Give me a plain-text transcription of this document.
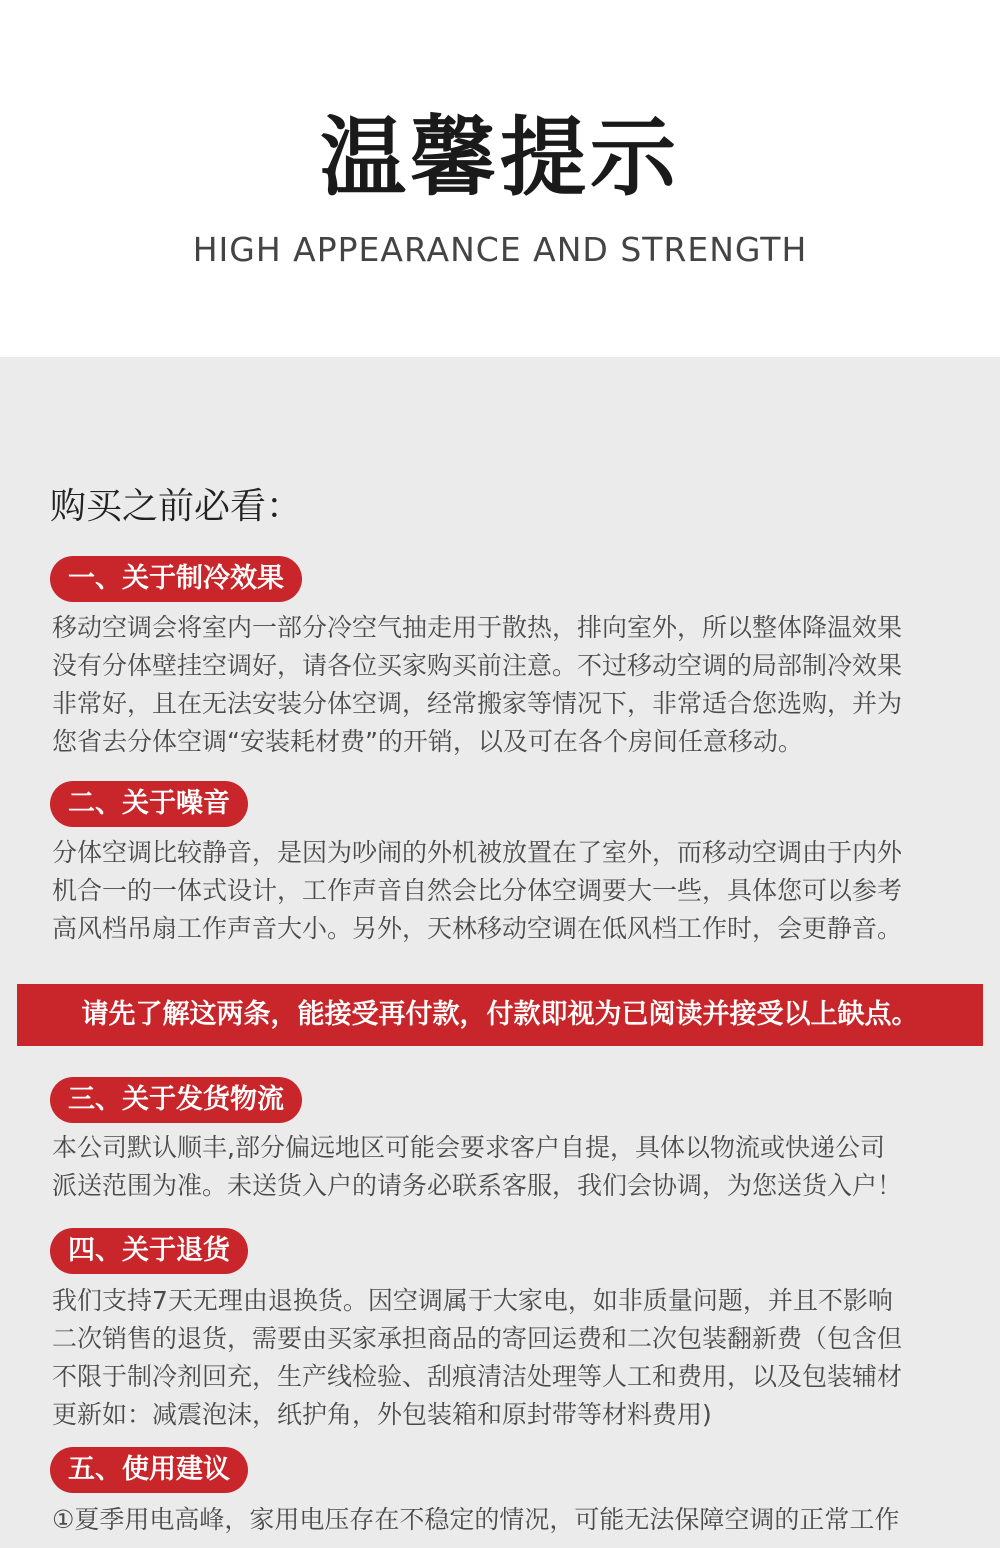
温馨提示
HIGH APPEARANCE AND STRENGTH
购买之前必看：
一、关于制冷效果
移动空调会将室内一部分冷空气抽走用于散热，排向室外，所以整体降温效果
没有分体壁挂空调好，请各位买家购买前注意。不过移动空调的局部制冷效果
非常好，且在无法安装分体空调，经常搬家等情况下，非常适合您选购，并为
您省去分体空调“安装耗材费”的开销，以及可在各个房间任意移动。
二、关于噪音
分体空调比较静音，是因为吵闹的外机被放置在了室外，而移动空调由于内外
机合一的一体式设计，工作声音自然会比分体空调要大一些，具体您可以参考
高风档吊扇工作声音大小。另外，天林移动空调在低风档工作时，会更静音。
请先了解这两条，能接受再付款，付款即视为已阅读并接受以上缺点。
三、关于发货物流
本公司默认顺丰,部分偏远地区可能会要求客户自提，具体以物流或快递公司
派送范围为准。未送货入户的请务必联系客服，我们会协调，为您送货入户！
四、关于退货
我们支持7天无理由退换货。因空调属于大家电，如非质量问题，并且不影响
二次销售的退货，需要由买家承担商品的寄回运费和二次包装翻新费（包含但
不限于制冷剂回充，生产线检验、刮痕清洁处理等人工和费用，以及包装辅材
更新如：减震泡沫，纸护角，外包装箱和原封带等材料费用)
五、使用建议
①夏季用电高峰，家用电压存在不稳定的情况，可能无法保障空调的正常工作
